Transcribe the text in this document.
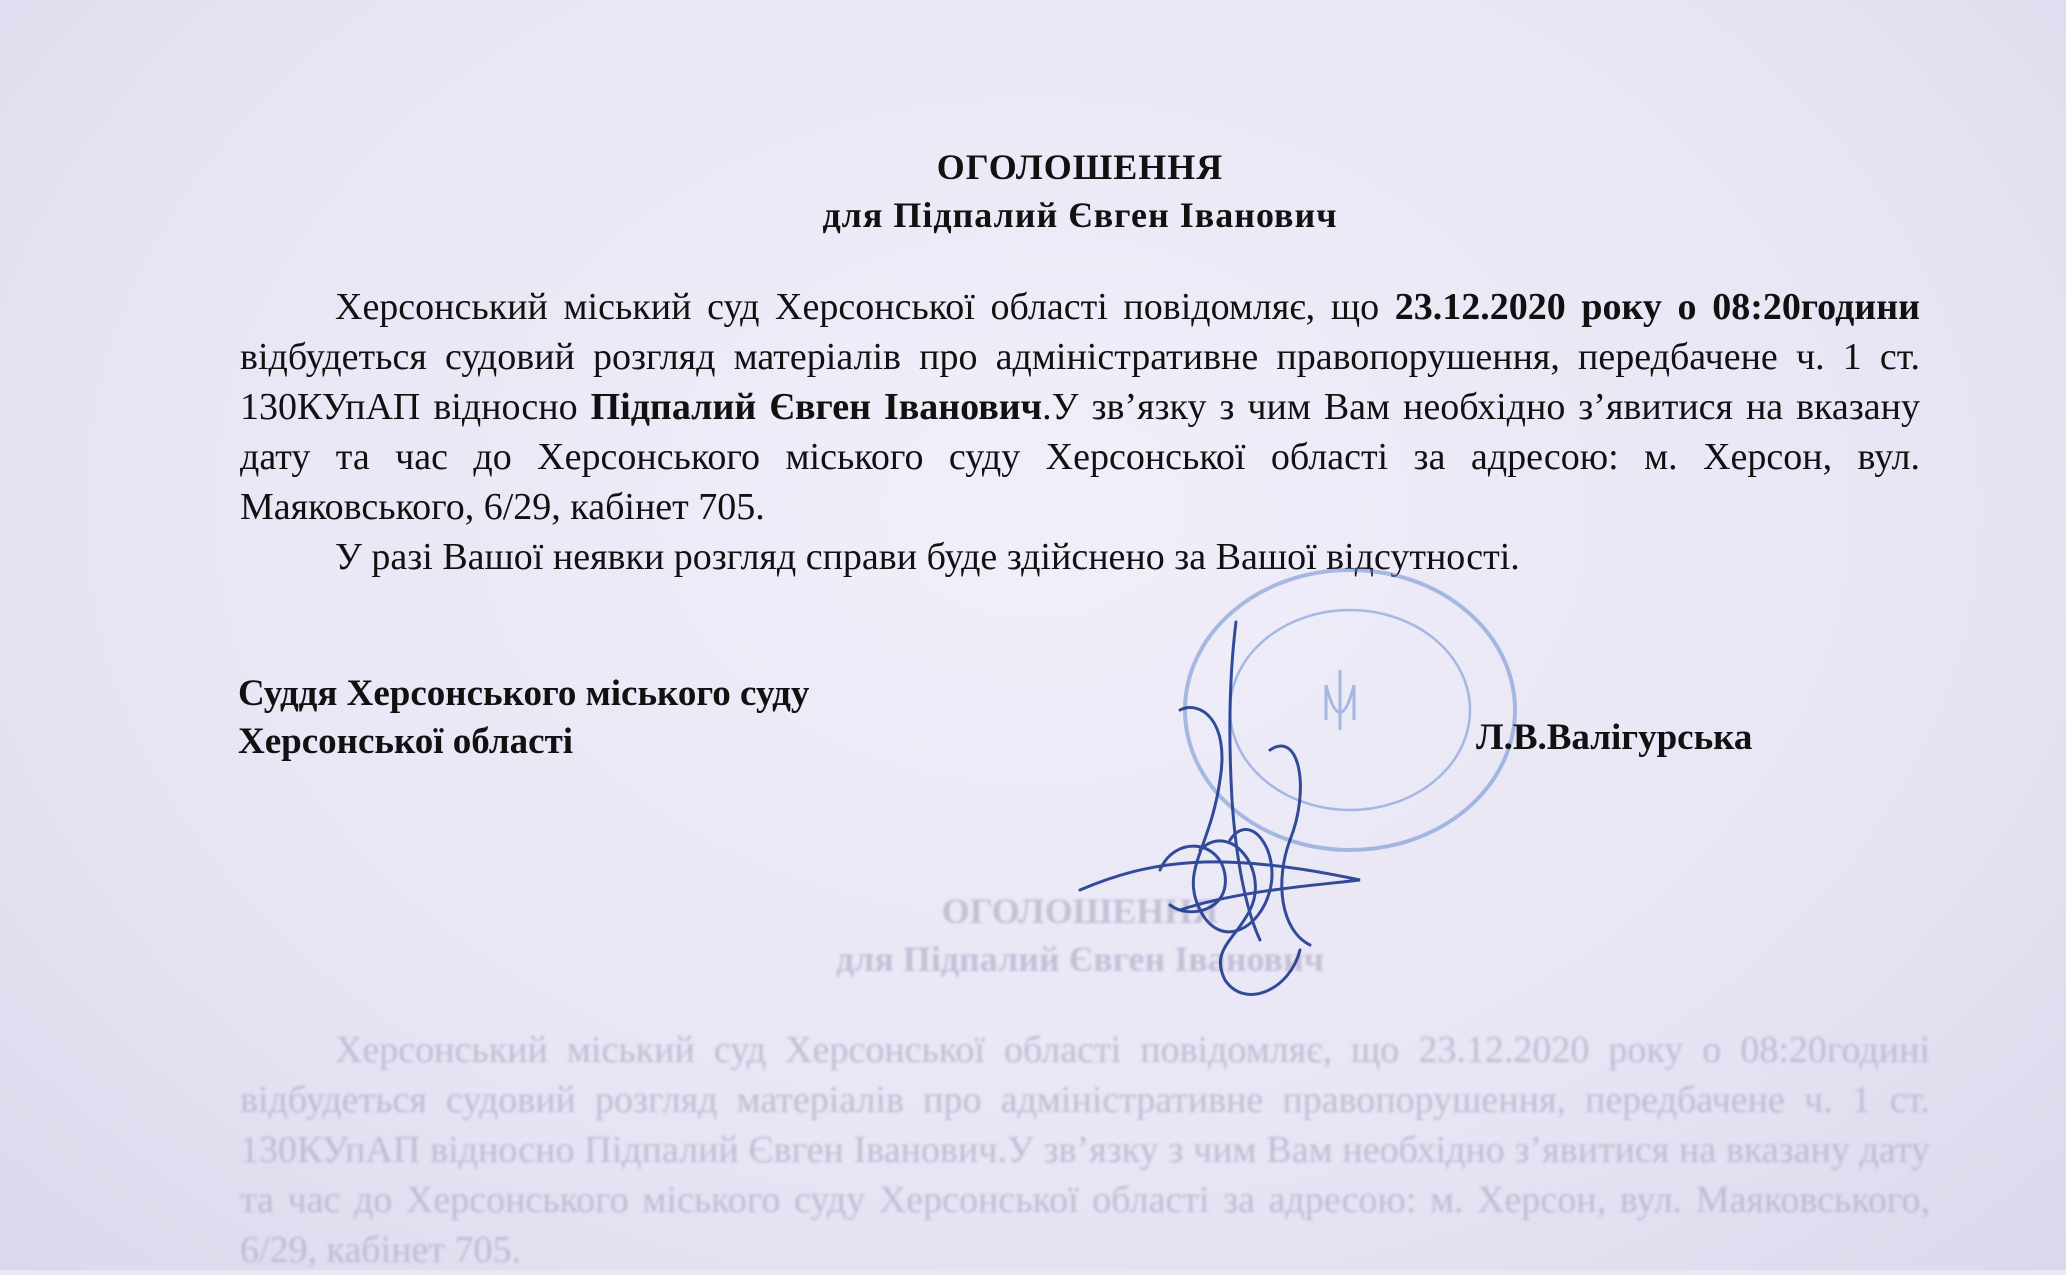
ОГОЛОШЕННЯ
для Підпалий Євген Іванович

Херсонський міський суд Херсонської області повідомляє, що 23.12.2020 року о 08:20годині відбудеться судовий розгляд матеріалів про адміністративне правопорушення, передбачене ч. 1 ст. 130КУпАП відносно Підпалий Євген Іванович.У зв’язку з чим Вам необхідно з’явитися на вказану дату та час до Херсонського міського суду Херсонської області за адресою: м. Херсон, вул. Маяковського, 6/29, кабінет 705.

ОГОЛОШЕННЯ
для Підпалий Євген Іванович

Херсонський міський суд Херсонської області повідомляє, що 23.12.2020 року о 08:20години відбудеться судовий розгляд матеріалів про адміністративне правопорушення, передбачене ч. 1 ст. 130КУпАП відносно Підпалий Євген Іванович.У зв’язку з чим Вам необхідно з’явитися на вказану дату та час до Херсонського міського суду Херсонської області за адресою: м. Херсон, вул. Маяковського, 6/29, кабінет 705.

У разі Вашої неявки розгляд справи буде здійснено за Вашої відсутності.

Суддя Херсонського міського суду
Херсонської області	Л.В.Валігурська
